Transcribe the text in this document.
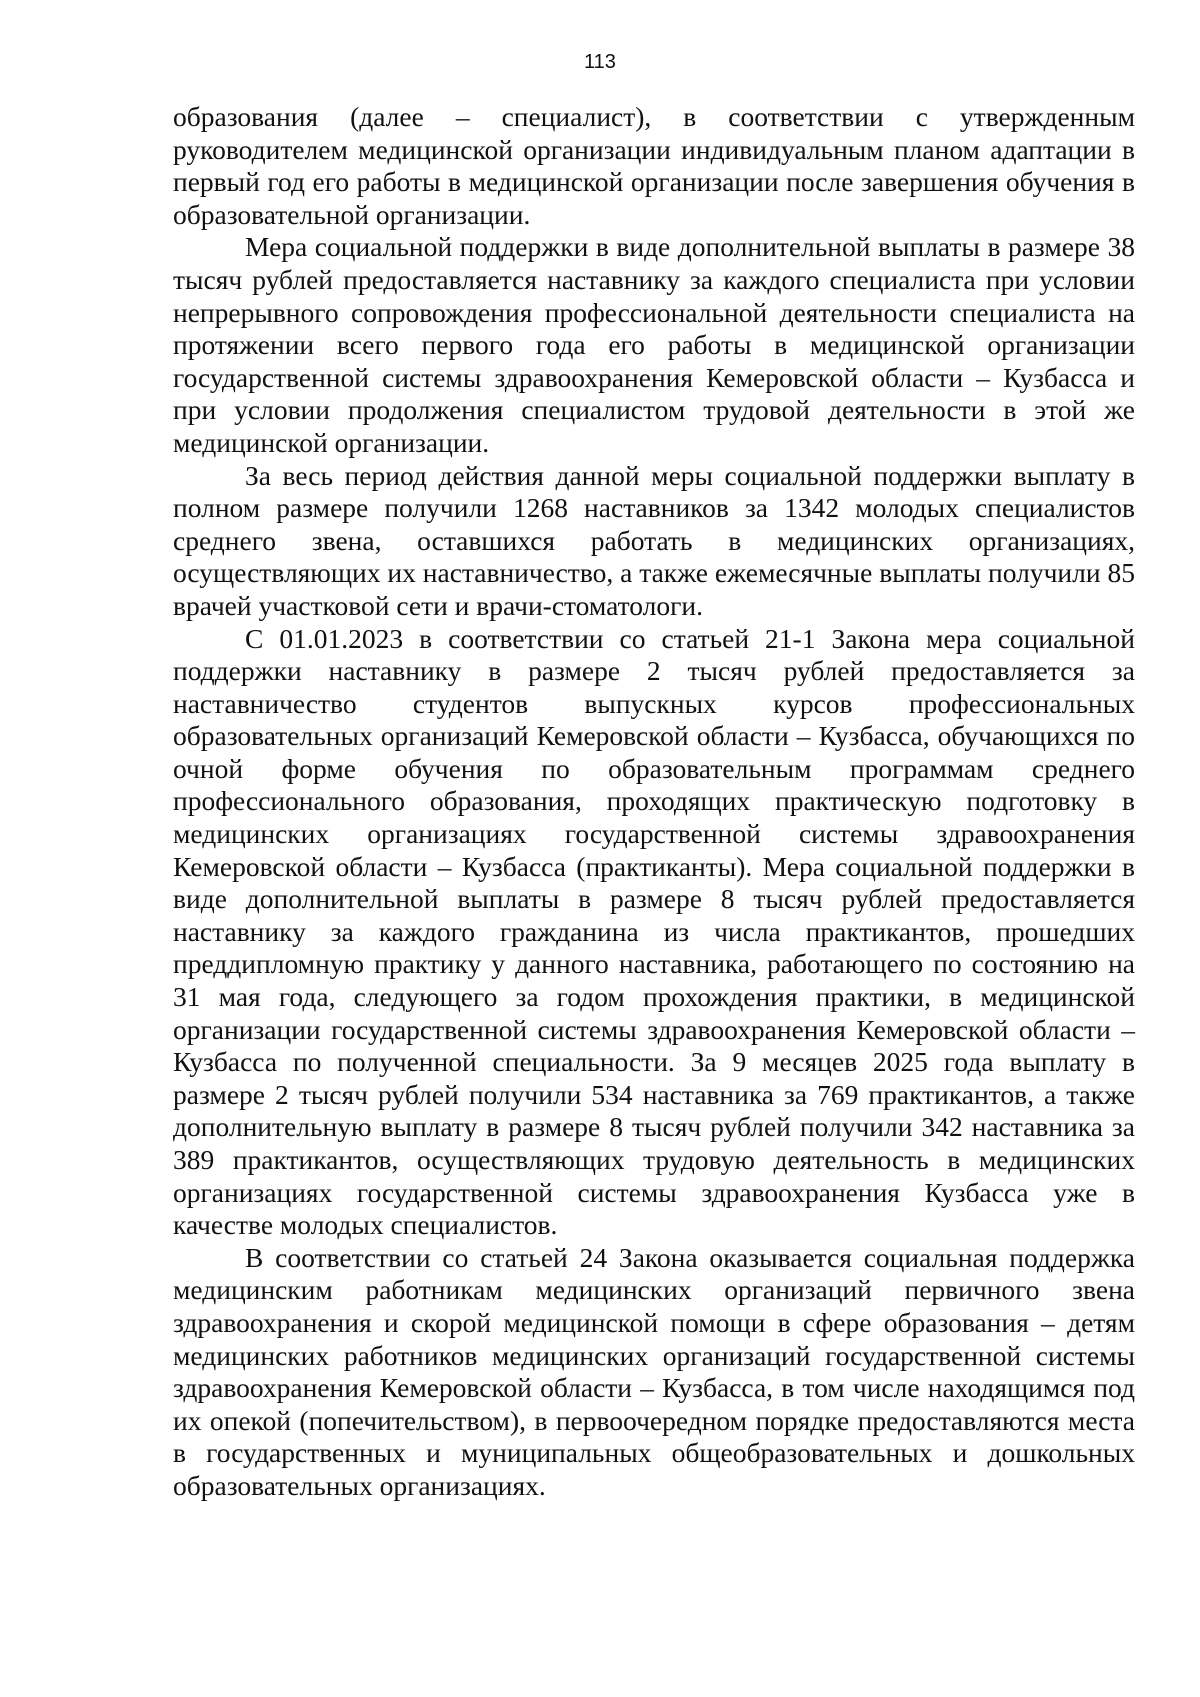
113

образования (далее – специалист), в соответствии с утвержденным руководителем медицинской организации индивидуальным планом адаптации в первый год его работы в медицинской организации после завершения обучения в образовательной организации.

Мера социальной поддержки в виде дополнительной выплаты в размере 38 тысяч рублей предоставляется наставнику за каждого специалиста при условии непрерывного сопровождения профессиональной деятельности специалиста на протяжении всего первого года его работы в медицинской организации государственной системы здравоохранения Кемеровской области – Кузбасса и при условии продолжения специалистом трудовой деятельности в этой же медицинской организации.

За весь период действия данной меры социальной поддержки выплату в полном размере получили 1268 наставников за 1342 молодых специалистов среднего звена, оставшихся работать в медицинских организациях, осуществляющих их наставничество, а также ежемесячные выплаты получили 85 врачей участковой сети и врачи-стоматологи.

С 01.01.2023 в соответствии со статьей 21-1 Закона мера социальной поддержки наставнику в размере 2 тысяч рублей предоставляется за наставничество студентов выпускных курсов профессиональных образовательных организаций Кемеровской области – Кузбасса, обучающихся по очной форме обучения по образовательным программам среднего профессионального образования, проходящих практическую подготовку в медицинских организациях государственной системы здравоохранения Кемеровской области – Кузбасса (практиканты). Мера социальной поддержки в виде дополнительной выплаты в размере 8 тысяч рублей предоставляется наставнику за каждого гражданина из числа практикантов, прошедших преддипломную практику у данного наставника, работающего по состоянию на 31 мая года, следующего за годом прохождения практики, в медицинской организации государственной системы здравоохранения Кемеровской области – Кузбасса по полученной специальности. За 9 месяцев 2025 года выплату в размере 2 тысяч рублей получили 534 наставника за 769 практикантов, а также дополнительную выплату в размере 8 тысяч рублей получили 342 наставника за 389 практикантов, осуществляющих трудовую деятельность в медицинских организациях государственной системы здравоохранения Кузбасса уже в качестве молодых специалистов.

В соответствии со статьей 24 Закона оказывается социальная поддержка медицинским работникам медицинских организаций первичного звена здравоохранения и скорой медицинской помощи в сфере образования – детям медицинских работников медицинских организаций государственной системы здравоохранения Кемеровской области – Кузбасса, в том числе находящимся под их опекой (попечительством), в первоочередном порядке предоставляются места в государственных и муниципальных общеобразовательных и дошкольных образовательных организациях.
